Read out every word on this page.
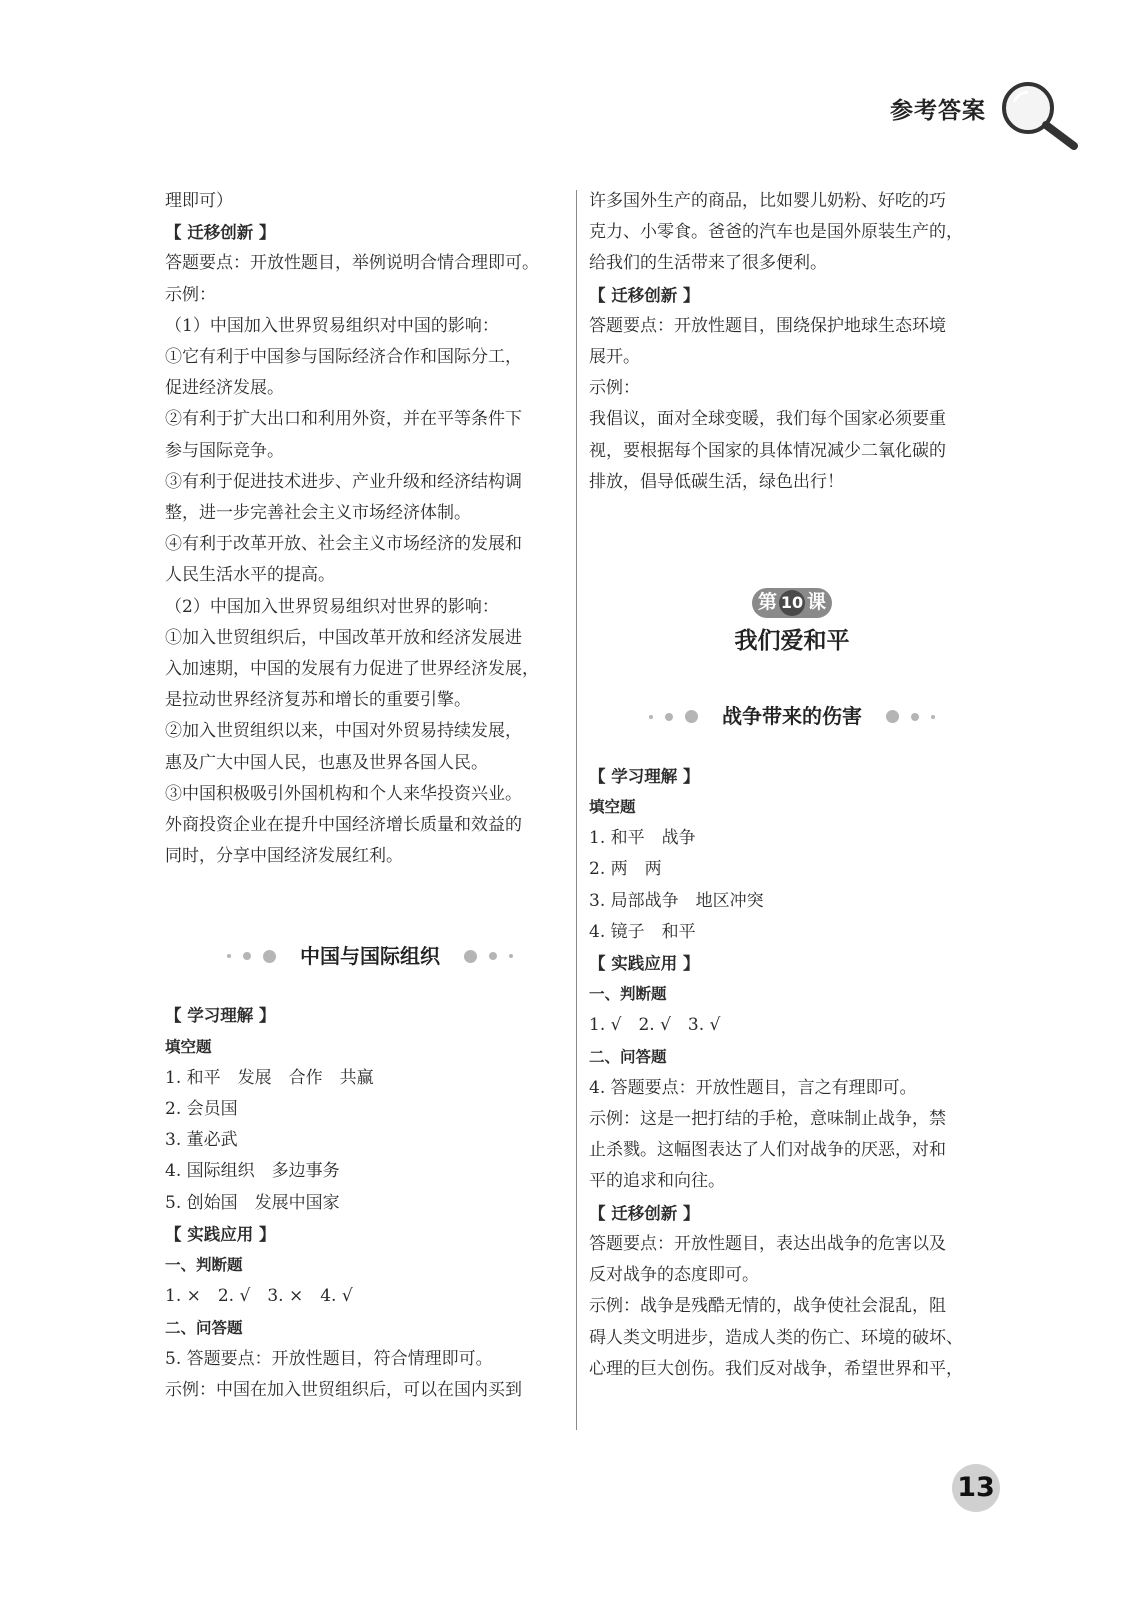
参考答案

理即可）

【 迁移创新 】

答题要点：开放性题目，举例说明合情合理即可。

示例：

（1）中国加入世界贸易组织对中国的影响：

①它有利于中国参与国际经济合作和国际分工，

促进经济发展。

②有利于扩大出口和利用外资，并在平等条件下

参与国际竞争。

③有利于促进技术进步、产业升级和经济结构调

整，进一步完善社会主义市场经济体制。

④有利于改革开放、社会主义市场经济的发展和

人民生活水平的提高。

（2）中国加入世界贸易组织对世界的影响：

①加入世贸组织后，中国改革开放和经济发展进

入加速期，中国的发展有力促进了世界经济发展，

是拉动世界经济复苏和增长的重要引擎。

②加入世贸组织以来，中国对外贸易持续发展，

惠及广大中国人民，也惠及世界各国人民。

③中国积极吸引外国机构和个人来华投资兴业。

外商投资企业在提升中国经济增长质量和效益的

同时，分享中国经济发展红利。

中国与国际组织

【 学习理解 】

填空题

1. 和平　发展　合作　共赢

2. 会员国

3. 董必武

4. 国际组织　多边事务

5. 创始国　发展中国家

【 实践应用 】

一、判断题

1. ×　2. √　3. ×　4. √

二、问答题

5. 答题要点：开放性题目，符合情理即可。

示例：中国在加入世贸组织后，可以在国内买到

许多国外生产的商品，比如婴儿奶粉、好吃的巧

克力、小零食。爸爸的汽车也是国外原装生产的，

给我们的生活带来了很多便利。

【 迁移创新 】

答题要点：开放性题目，围绕保护地球生态环境

展开。

示例：

我倡议，面对全球变暖，我们每个国家必须要重

视，要根据每个国家的具体情况减少二氧化碳的

排放，倡导低碳生活，绿色出行！

第 10 课
我们爱和平
战争带来的伤害

【 学习理解 】

填空题

1. 和平　战争

2. 两　两

3. 局部战争　地区冲突

4. 镜子　和平

【 实践应用 】

一、判断题

1. √　2. √　3. √

二、问答题

4. 答题要点：开放性题目，言之有理即可。

示例：这是一把打结的手枪，意味制止战争，禁

止杀戮。这幅图表达了人们对战争的厌恶，对和

平的追求和向往。

【 迁移创新 】

答题要点：开放性题目，表达出战争的危害以及

反对战争的态度即可。

示例：战争是残酷无情的，战争使社会混乱，阻

碍人类文明进步，造成人类的伤亡、环境的破坏、

心理的巨大创伤。我们反对战争，希望世界和平，

13
